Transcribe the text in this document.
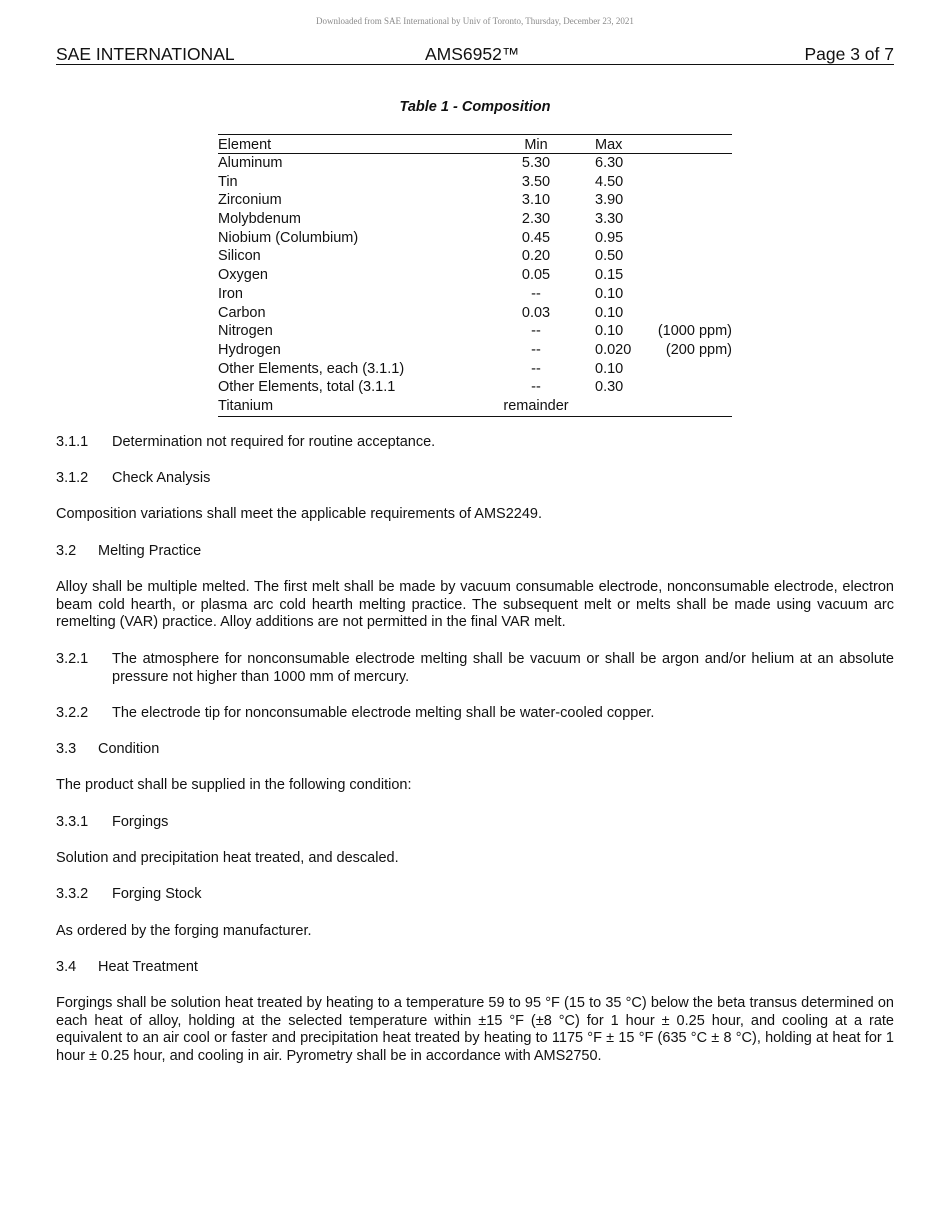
Downloaded from SAE International by Univ of Toronto, Thursday, December 23, 2021
SAE INTERNATIONAL	AMS6952™	Page 3 of 7
Table 1 - Composition
Element	Min	Max
Aluminum	5.30	6.30
Tin	3.50	4.50
Zirconium	3.10	3.90
Molybdenum	2.30	3.30
Niobium (Columbium)	0.45	0.95
Silicon	0.20	0.50
Oxygen	0.05	0.15
Iron	--	0.10
Carbon	0.03	0.10
Nitrogen	--	0.10 (1000 ppm)
Hydrogen	--	0.020 (200 ppm)
Other Elements, each (3.1.1)	--	0.10
Other Elements, total (3.1.1	--	0.30
Titanium	remainder
3.1.1 Determination not required for routine acceptance.
3.1.2 Check Analysis
Composition variations shall meet the applicable requirements of AMS2249.
3.2 Melting Practice
Alloy shall be multiple melted. The first melt shall be made by vacuum consumable electrode, nonconsumable electrode, electron beam cold hearth, or plasma arc cold hearth melting practice. The subsequent melt or melts shall be made using vacuum arc remelting (VAR) practice. Alloy additions are not permitted in the final VAR melt.
3.2.1 The atmosphere for nonconsumable electrode melting shall be vacuum or shall be argon and/or helium at an absolute pressure not higher than 1000 mm of mercury.
3.2.2 The electrode tip for nonconsumable electrode melting shall be water-cooled copper.
3.3 Condition
The product shall be supplied in the following condition:
3.3.1 Forgings
Solution and precipitation heat treated, and descaled.
3.3.2 Forging Stock
As ordered by the forging manufacturer.
3.4 Heat Treatment
Forgings shall be solution heat treated by heating to a temperature 59 to 95 °F (15 to 35 °C) below the beta transus determined on each heat of alloy, holding at the selected temperature within ±15 °F (±8 °C) for 1 hour ± 0.25 hour, and cooling at a rate equivalent to an air cool or faster and precipitation heat treated by heating to 1175 °F ± 15 °F (635 °C ± 8 °C), holding at heat for 1 hour ± 0.25 hour, and cooling in air. Pyrometry shall be in accordance with AMS2750.
